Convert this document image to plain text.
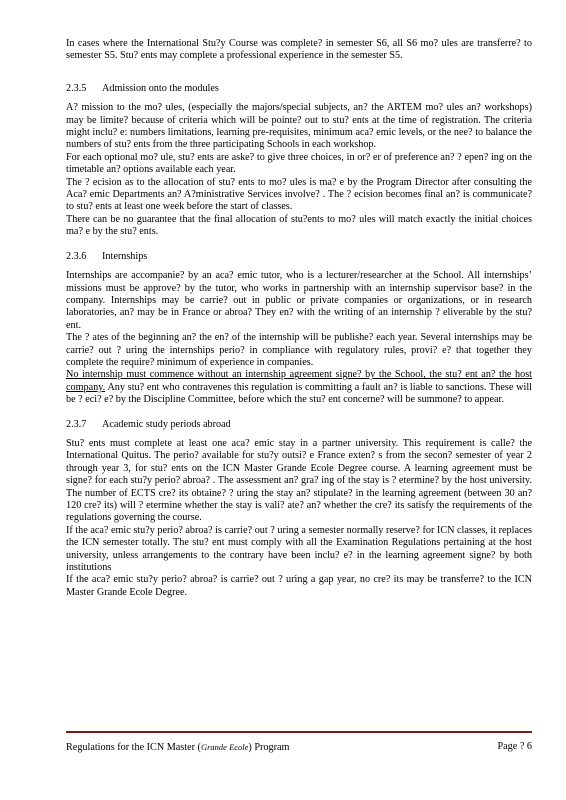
In cases where the International Stu?y Course was complete? in semester S6, all S6 mo? ules are transferre? to semester S5. Stu? ents may complete a professional experience in the semester S5.

2.3.5 Admission onto the modules

A? mission to the mo? ules, (especially the majors/special subjects, an? the ARTEM mo? ules an? workshops) may be limite? because of criteria which will be pointe? out to stu? ents at the time of registration. The criteria might inclu? e: numbers limitations, learning pre-requisites, minimum aca? emic levels, or the nee? to balance the numbers of stu? ents from the three participating Schools in each workshop.

For each optional mo? ule, stu? ents are aske? to give three choices, in or? er of preference an? ? epen? ing on the timetable an? options available each year.

The ? ecision as to the allocation of stu? ents to mo? ules is ma? e by the Program Director after consulting the Aca? emic Departments an? A?ministrative Services involve? . The ? ecision becomes final an? is communicate? to stu? ents at least one week before the start of classes.

There can be no guarantee that the final allocation of stu?ents to mo? ules will match exactly the initial choices ma? e by the stu? ents.

2.3.6 Internships

Internships are accompanie? by an aca? emic tutor, who is a lecturer/researcher at the School. All internships’ missions must be approve? by the tutor, who works in partnership with an internship supervisor base? in the company. Internships may be carrie? out in public or private companies or organizations, or in research laboratories, an? may be in France or abroa? They en? with the writing of an internship ? eliverable by the stu?ent.

The ? ates of the beginning an? the en? of the internship will be publishe? each year. Several internships may be carrie? out ? uring the internships perio? in compliance with regulatory rules, provi? e? that together they complete the require? minimum of experience in companies.

No internship must commence without an internship agreement signe? by the School, the stu? ent an? the host company. Any stu? ent who contravenes this regulation is committing a fault an? is liable to sanctions. These will be ? eci? e? by the Discipline Committee, before which the stu? ent concerne? will be summone? to appear.

2.3.7 Academic study periods abroad

Stu? ents must complete at least one aca? emic stay in a partner university. This requirement is calle? the International Quitus. The perio? available for stu?y outsi? e France exten? s from the secon? semester of year 2 through year 3, for stu? ents on the ICN Master Grande Ecole Degree course. A learning agreement must be signe? for each stu?y perio? abroa? . The assessment an? gra? ing of the stay is ? etermine? by the host university. The number of ECTS cre? its obtaine? ? uring the stay an? stipulate? in the learning agreement (between 30 an? 120 cre? its) will ? etermine whether the stay is vali? ate? an? whether the cre? its satisfy the requirements of the regulations governing the course.

If the aca? emic stu?y perio? abroa? is carrie? out ? uring a semester normally reserve? for ICN classes, it replaces the ICN semester totally. The stu? ent must comply with all the Examination Regulations pertaining at the host university, unless arrangements to the contrary have been inclu? e? in the learning agreement signe? by both institutions

If the aca? emic stu?y perio? abroa? is carrie? out ? uring a gap year, no cre? its may be transferre? to the ICN Master Grande Ecole Degree.

Regulations for the ICN Master (Grande Ecole) Program	Page ? 6
